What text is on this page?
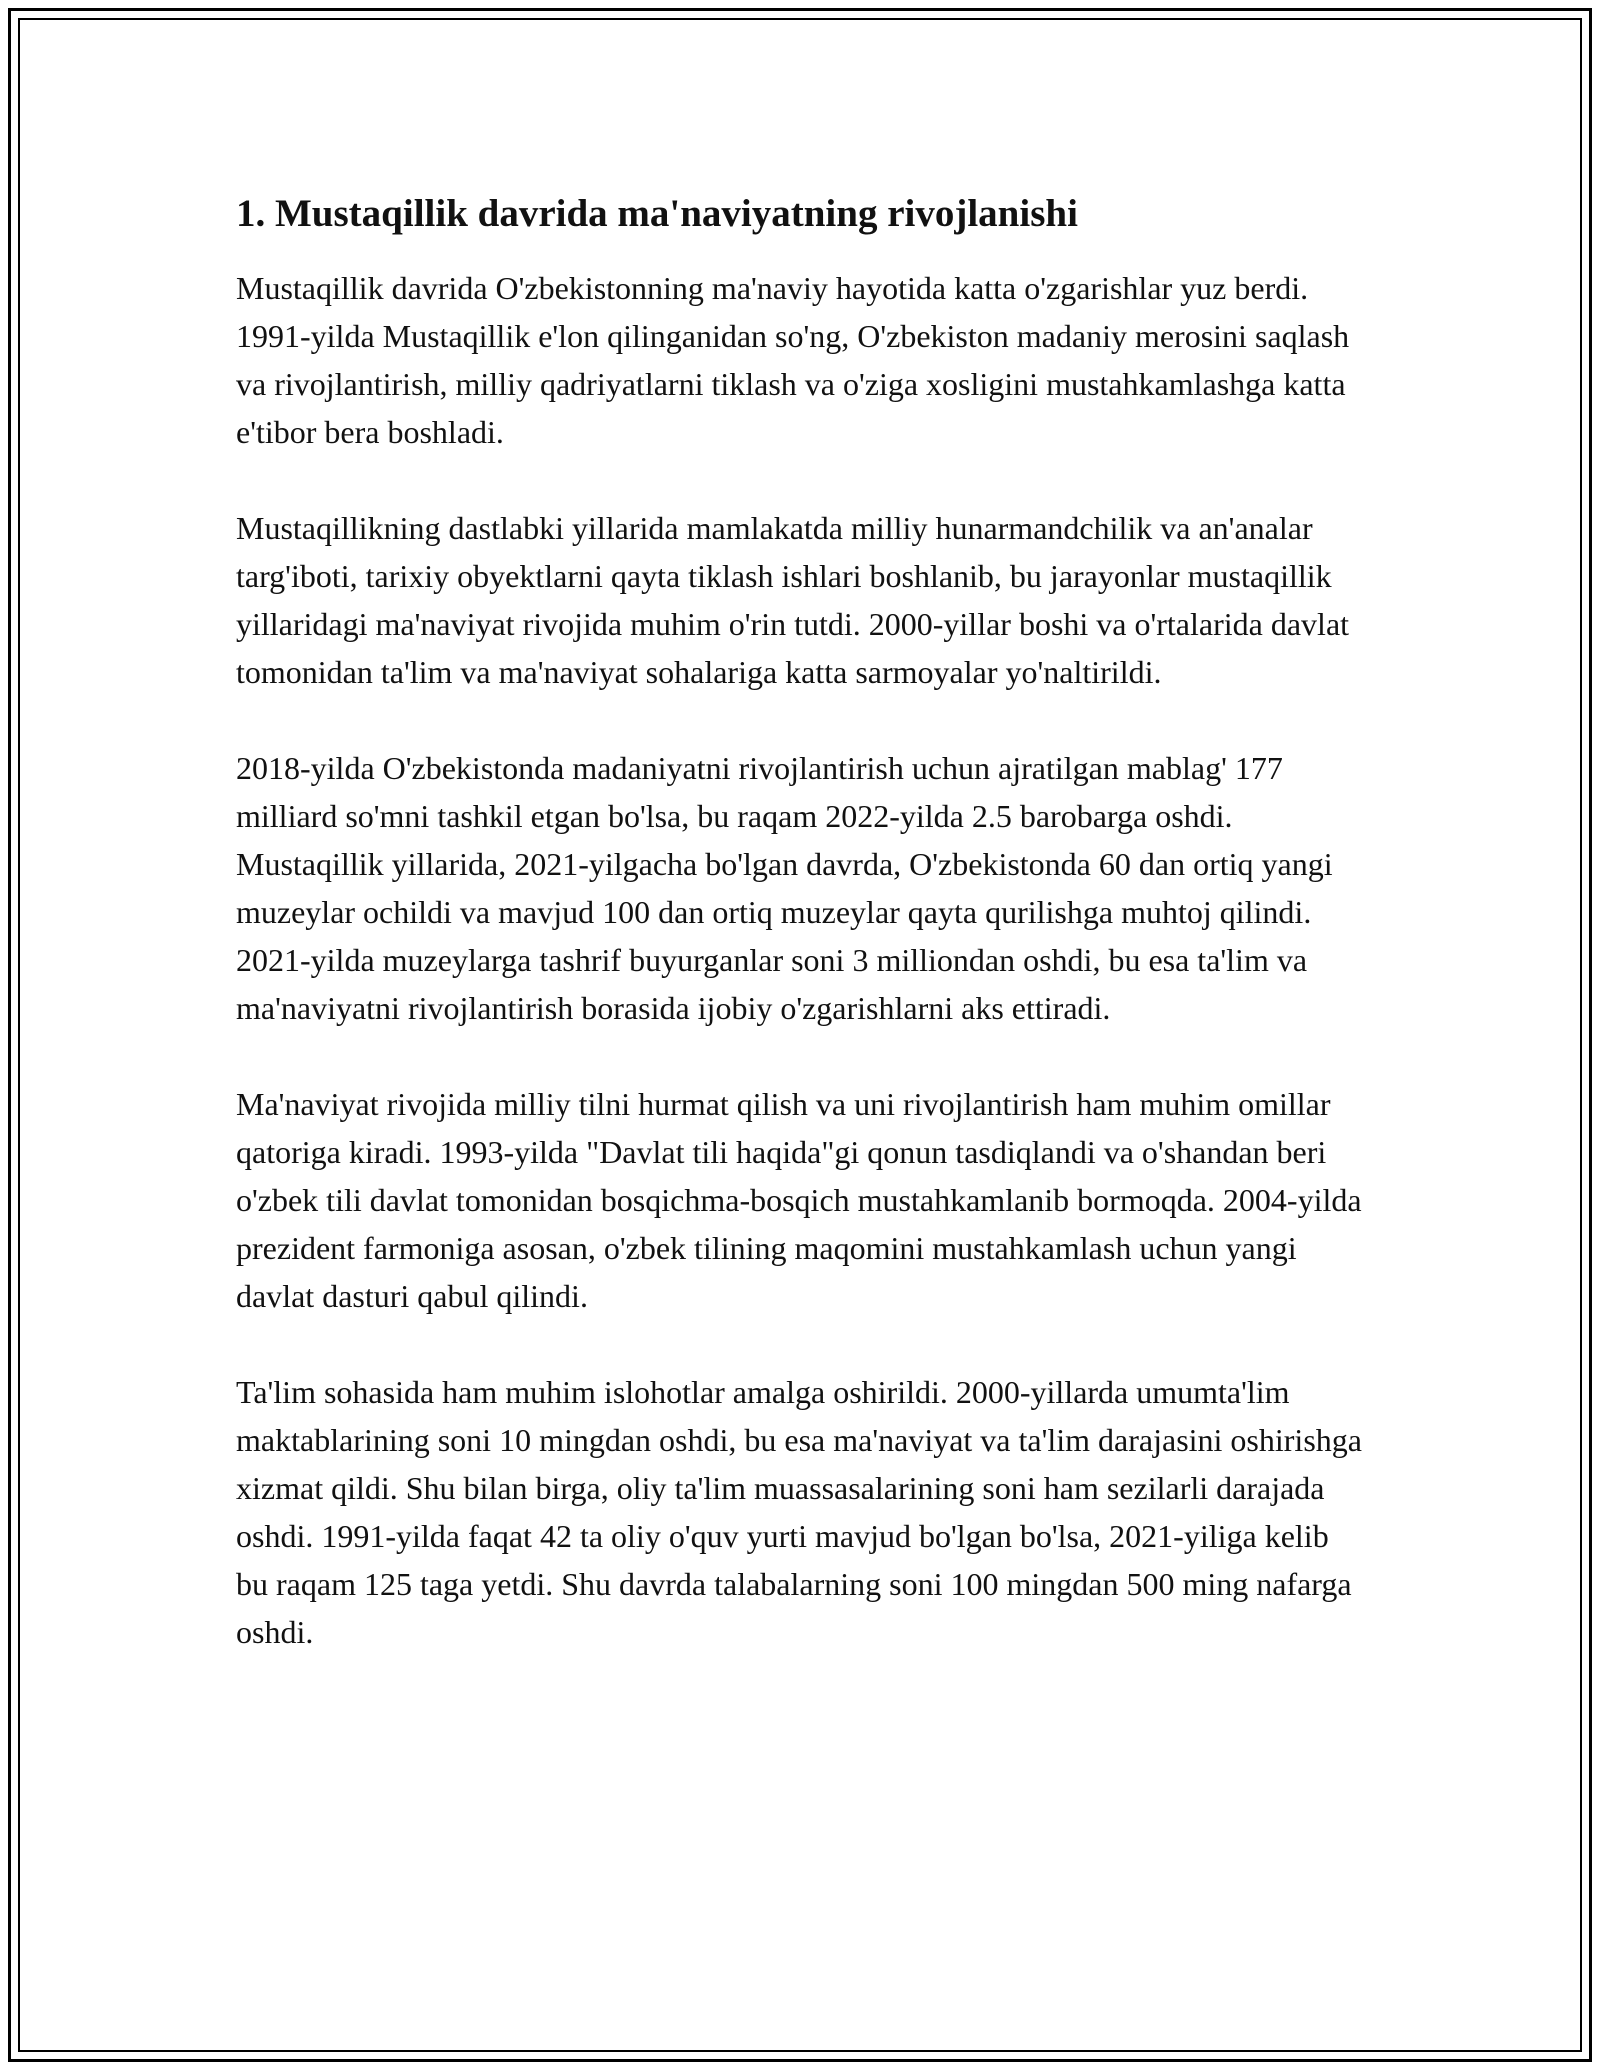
1. Mustaqillik davrida ma'naviyatning rivojlanishi

Mustaqillik davrida O'zbekistonning ma'naviy hayotida katta o'zgarishlar yuz berdi. 1991-yilda Mustaqillik e'lon qilinganidan so'ng, O'zbekiston madaniy merosini saqlash va rivojlantirish, milliy qadriyatlarni tiklash va o'ziga xosligini mustahkamlashga katta e'tibor bera boshladi.

Mustaqillikning dastlabki yillarida mamlakatda milliy hunarmandchilik va an'analar targ'iboti, tarixiy obyektlarni qayta tiklash ishlari boshlanib, bu jarayonlar mustaqillik yillaridagi ma'naviyat rivojida muhim o'rin tutdi. 2000-yillar boshi va o'rtalarida davlat tomonidan ta'lim va ma'naviyat sohalariga katta sarmoyalar yo'naltirildi.

2018-yilda O'zbekistonda madaniyatni rivojlantirish uchun ajratilgan mablag' 177 milliard so'mni tashkil etgan bo'lsa, bu raqam 2022-yilda 2.5 barobarga oshdi. Mustaqillik yillarida, 2021-yilgacha bo'lgan davrda, O'zbekistonda 60 dan ortiq yangi muzeylar ochildi va mavjud 100 dan ortiq muzeylar qayta qurilishga muhtoj qilindi. 2021-yilda muzeylarga tashrif buyurganlar soni 3 milliondan oshdi, bu esa ta'lim va ma'naviyatni rivojlantirish borasida ijobiy o'zgarishlarni aks ettiradi.

Ma'naviyat rivojida milliy tilni hurmat qilish va uni rivojlantirish ham muhim omillar qatoriga kiradi. 1993-yilda "Davlat tili haqida"gi qonun tasdiqlandi va o'shandan beri o'zbek tili davlat tomonidan bosqichma-bosqich mustahkamlanib bormoqda. 2004-yilda prezident farmoniga asosan, o'zbek tilining maqomini mustahkamlash uchun yangi davlat dasturi qabul qilindi.

Ta'lim sohasida ham muhim islohotlar amalga oshirildi. 2000-yillarda umumta'lim maktablarining soni 10 mingdan oshdi, bu esa ma'naviyat va ta'lim darajasini oshirishga xizmat qildi. Shu bilan birga, oliy ta'lim muassasalarining soni ham sezilarli darajada oshdi. 1991-yilda faqat 42 ta oliy o'quv yurti mavjud bo'lgan bo'lsa, 2021-yiliga kelib bu raqam 125 taga yetdi. Shu davrda talabalarning soni 100 mingdan 500 ming nafarga oshdi.
